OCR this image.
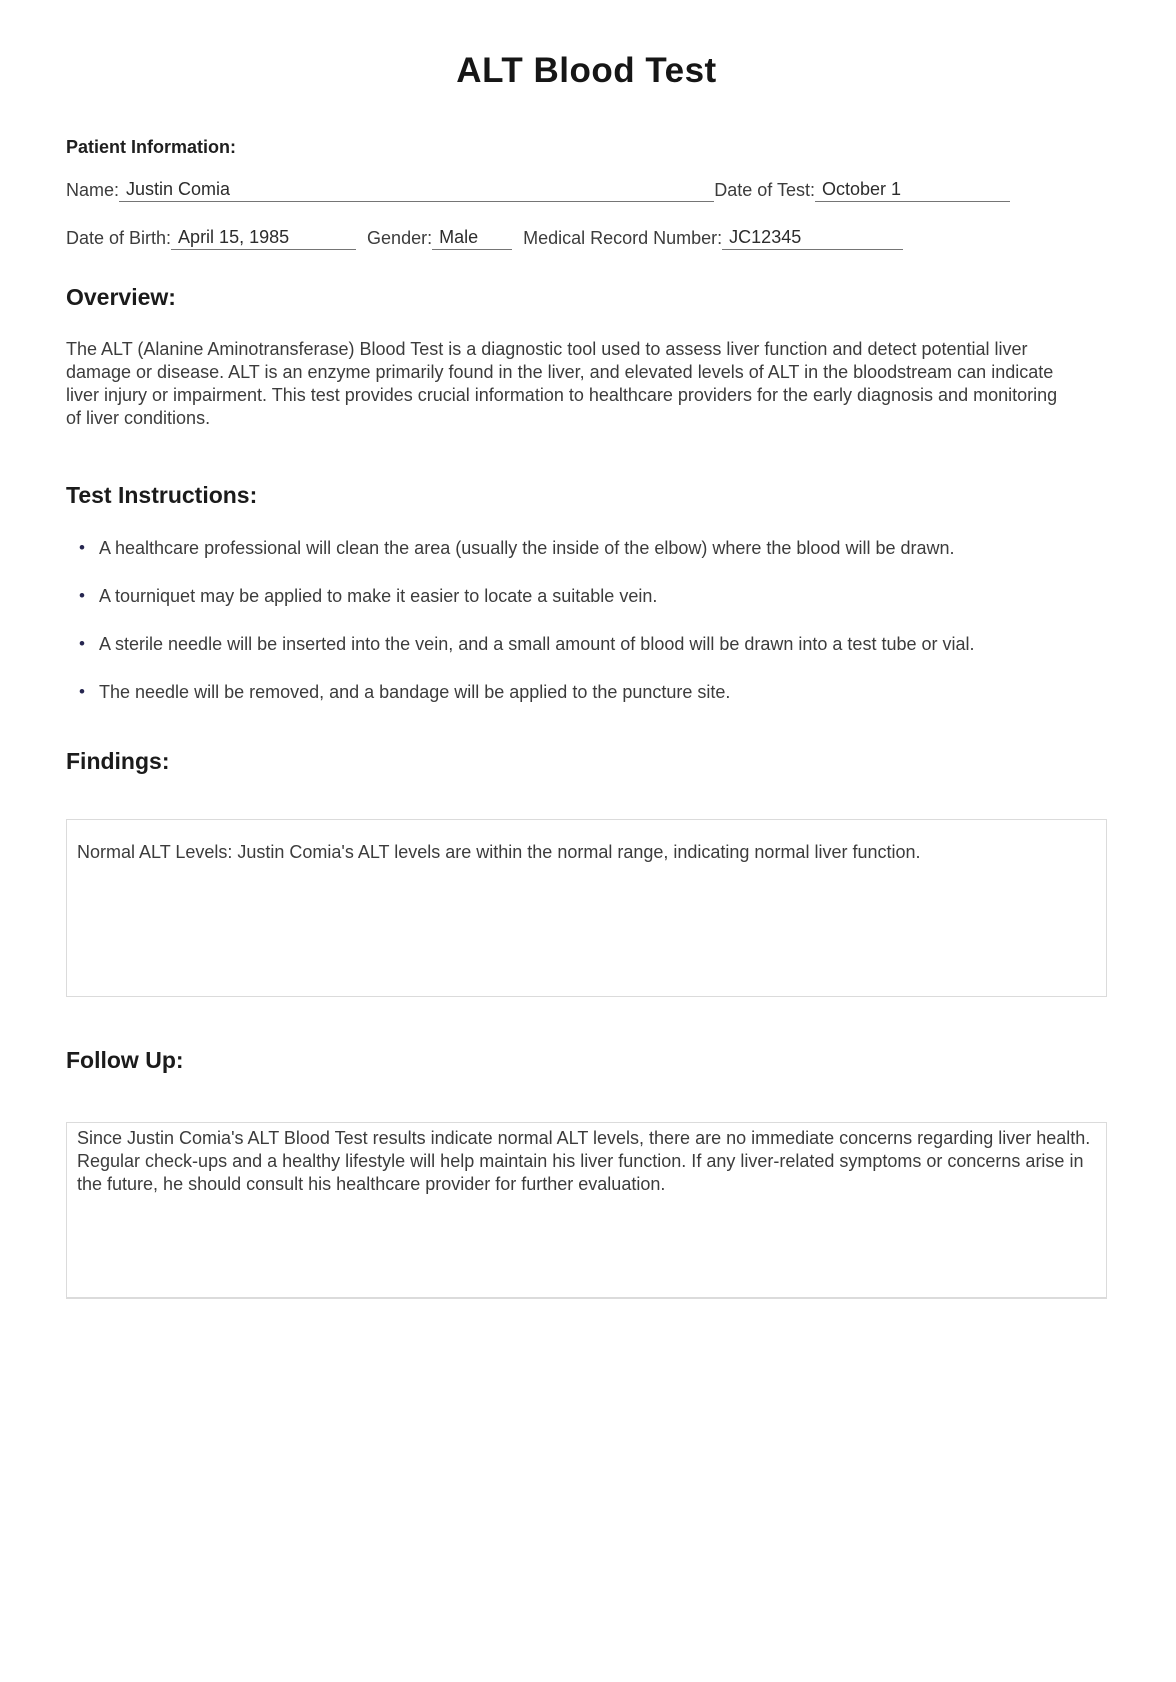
ALT Blood Test
Patient Information:
Name: Justin Comia	Date of Test: October 1
Date of Birth: April 15, 1985	Gender: Male Medical Record Number: JC12345
Overview:

The ALT (Alanine Aminotransferase) Blood Test is a diagnostic tool used to assess liver function and detect potential liver damage or disease. ALT is an enzyme primarily found in the liver, and elevated levels of ALT in the bloodstream can indicate liver injury or impairment. This test provides crucial information to healthcare providers for the early diagnosis and monitoring of liver conditions.

Test Instructions:
• A healthcare professional will clean the area (usually the inside of the elbow) where the blood will be drawn.
• A tourniquet may be applied to make it easier to locate a suitable vein.
• A sterile needle will be inserted into the vein, and a small amount of blood will be drawn into a test tube or vial.
• The needle will be removed, and a bandage will be applied to the puncture site.
Findings:
Normal ALT Levels: Justin Comia's ALT levels are within the normal range, indicating normal liver function.
Follow Up:
Since Justin Comia's ALT Blood Test results indicate normal ALT levels, there are no immediate concerns regarding liver health. Regular check-ups and a healthy lifestyle will help maintain his liver function. If any liver-related symptoms or concerns arise in the future, he should consult his healthcare provider for further evaluation.
